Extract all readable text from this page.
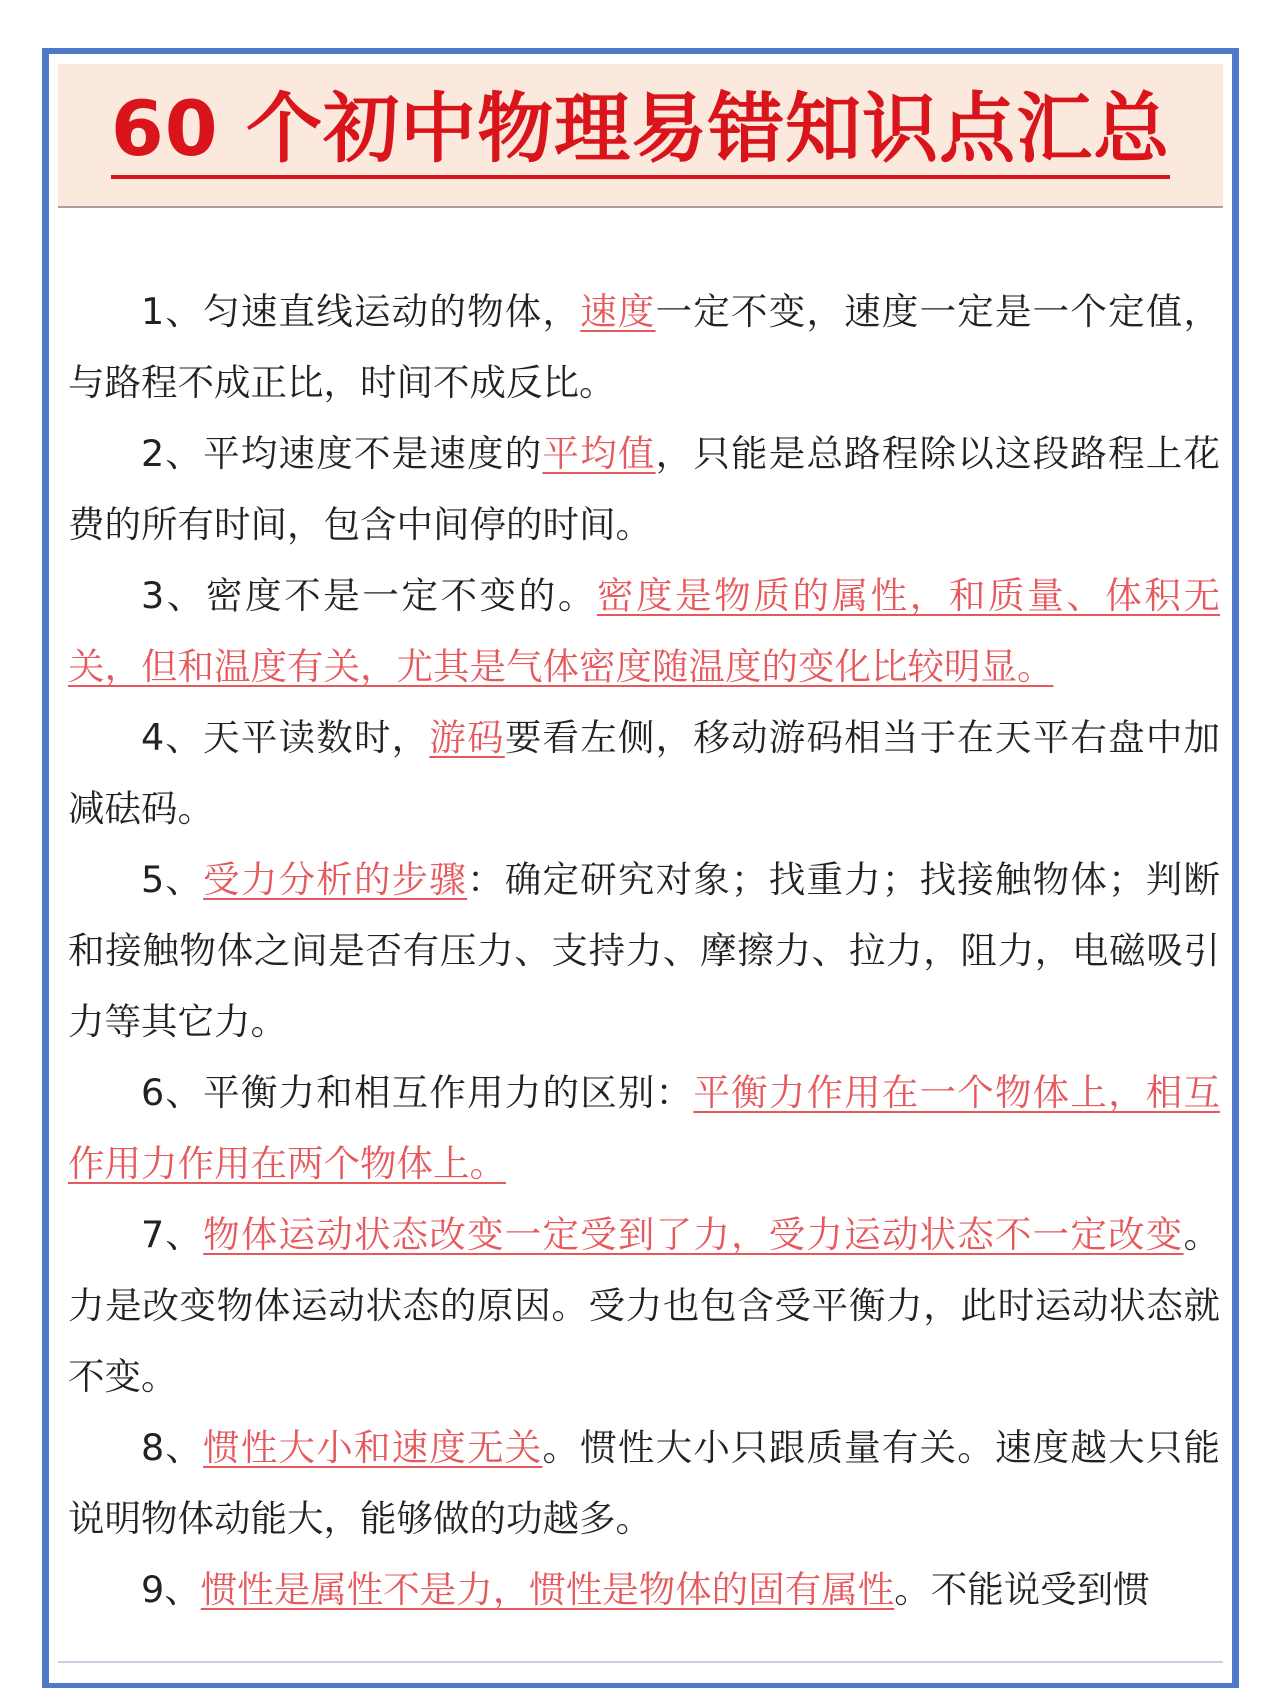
60 个初中物理易错知识点汇总

1、匀速直线运动的物体，速度一定不变，速度一定是一个定值，与路程不成正比，时间不成反比。

2、平均速度不是速度的平均值，只能是总路程除以这段路程上花费的所有时间，包含中间停的时间。

3、密度不是一定不变的。密度是物质的属性，和质量、体积无关，但和温度有关，尤其是气体密度随温度的变化比较明显。

4、天平读数时，游码要看左侧，移动游码相当于在天平右盘中加减砝码。

5、受力分析的步骤：确定研究对象；找重力；找接触物体；判断和接触物体之间是否有压力、支持力、摩擦力、拉力，阻力，电磁吸引力等其它力。

6、平衡力和相互作用力的区别：平衡力作用在一个物体上，相互作用力作用在两个物体上。

7、物体运动状态改变一定受到了力，受力运动状态不一定改变。力是改变物体运动状态的原因。受力也包含受平衡力，此时运动状态就不变。

8、惯性大小和速度无关。惯性大小只跟质量有关。速度越大只能说明物体动能大，能够做的功越多。

9、惯性是属性不是力，惯性是物体的固有属性。不能说受到惯
